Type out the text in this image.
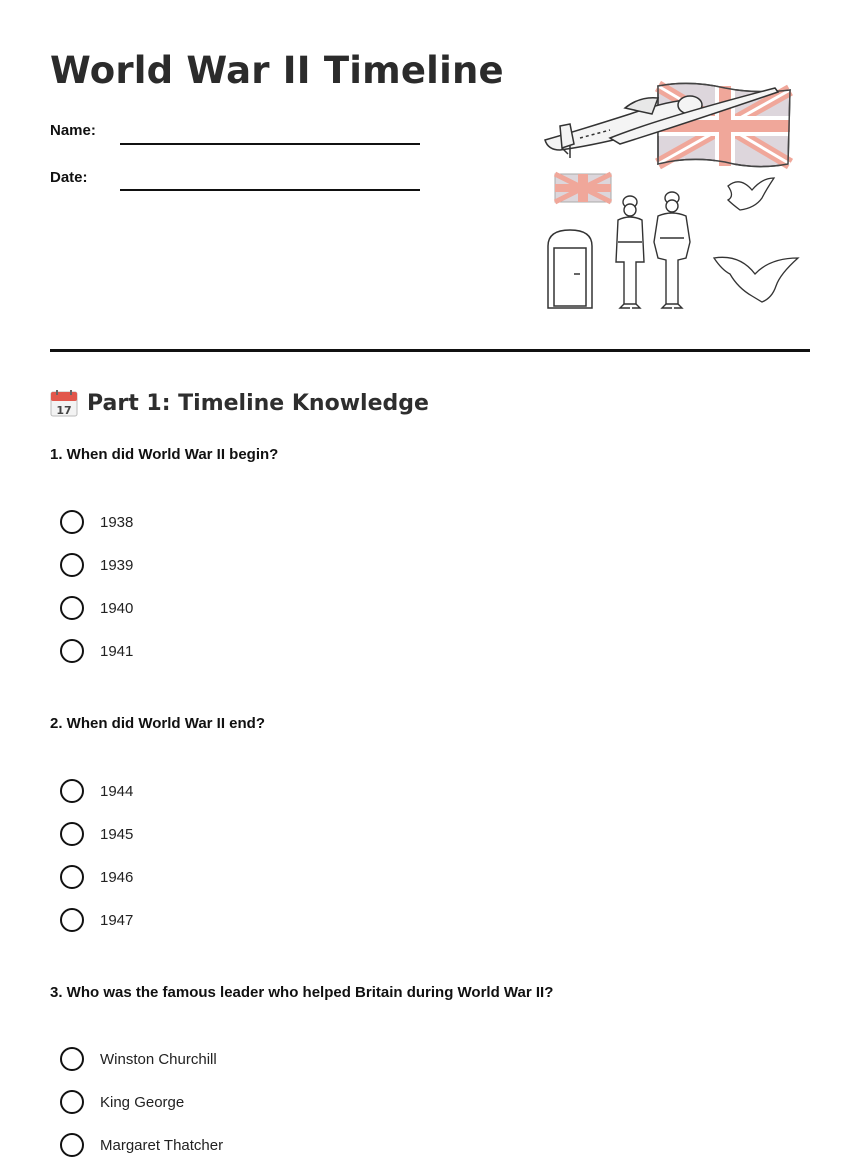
World War II Timeline
Name:
Date:
17 Part 1: Timeline Knowledge
1. When did World War II begin?
1938
1939
1940
1941
2. When did World War II end?
1944
1945
1946
1947
3. Who was the famous leader who helped Britain during World War II?
Winston Churchill
King George
Margaret Thatcher
